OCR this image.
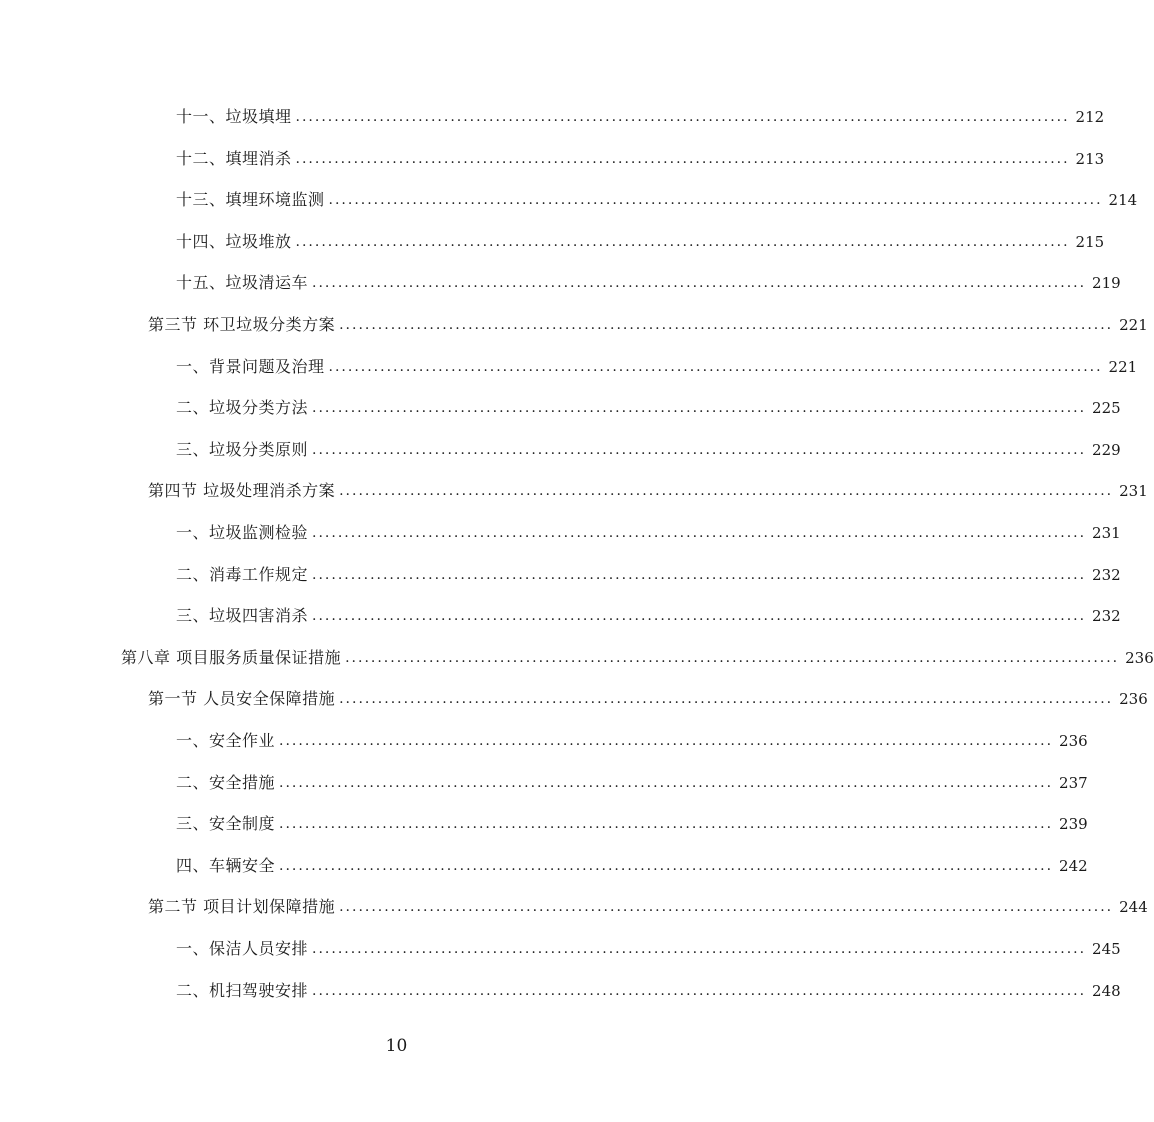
十一、垃圾填埋 ........................................................................................................................ 212
十二、填埋消杀 ........................................................................................................................ 213
十三、填埋环境监测 ........................................................................................................................ 214
十四、垃圾堆放 ........................................................................................................................ 215
十五、垃圾清运车 ........................................................................................................................ 219
第三节 环卫垃圾分类方案 ........................................................................................................................ 221
一、背景问题及治理 ........................................................................................................................ 221
二、垃圾分类方法 ........................................................................................................................ 225
三、垃圾分类原则 ........................................................................................................................ 229
第四节 垃圾处理消杀方案 ........................................................................................................................ 231
一、垃圾监测检验 ........................................................................................................................ 231
二、消毒工作规定 ........................................................................................................................ 232
三、垃圾四害消杀 ........................................................................................................................ 232
第八章 项目服务质量保证措施 ........................................................................................................................ 236
第一节 人员安全保障措施 ........................................................................................................................ 236
一、安全作业 ........................................................................................................................ 236
二、安全措施 ........................................................................................................................ 237
三、安全制度 ........................................................................................................................ 239
四、车辆安全 ........................................................................................................................ 242
第二节 项目计划保障措施 ........................................................................................................................ 244
一、保洁人员安排 ........................................................................................................................ 245
二、机扫驾驶安排 ........................................................................................................................ 248
10
